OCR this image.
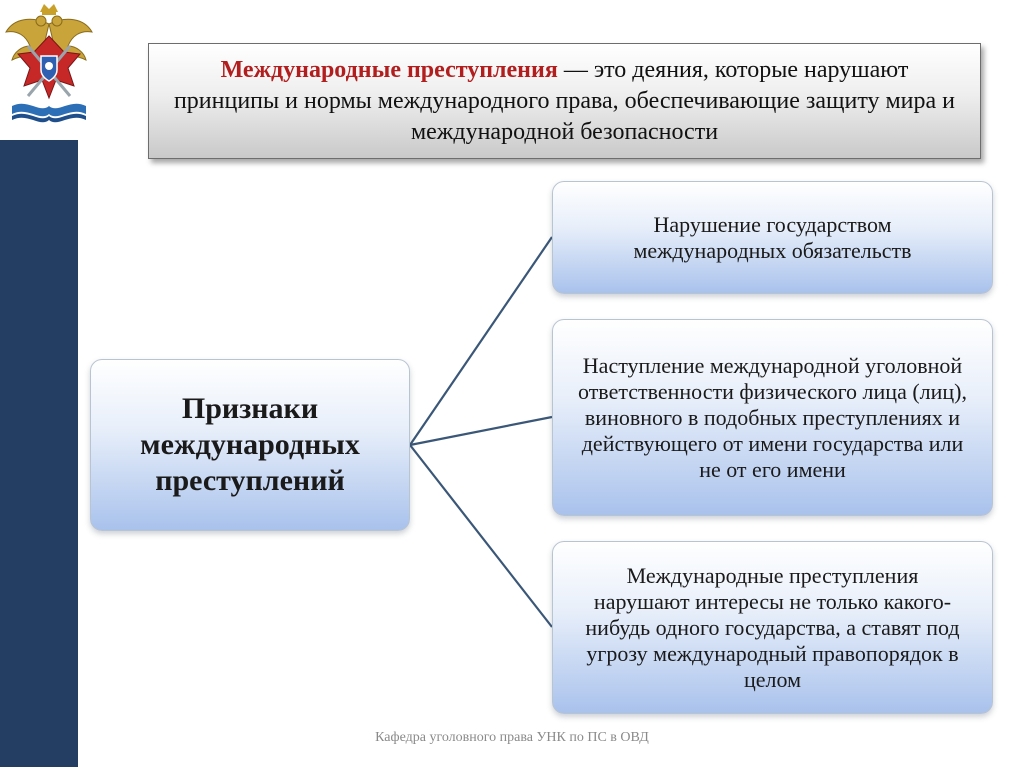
Международные преступления — это деяния, которые нарушают принципы и нормы международного права, обеспечивающие защиту мира и международной безопасности
Признаки международных преступлений
Нарушение государством международных обязательств
Наступление международной уголовной ответственности физического лица (лиц), виновного в подобных преступлениях и действующего от имени государства или не от его имени
Международные преступления нарушают интересы не только какого-нибудь одного государства, а ставят под угрозу международный правопорядок в целом
Кафедра уголовного права УНК по ПС в ОВД
